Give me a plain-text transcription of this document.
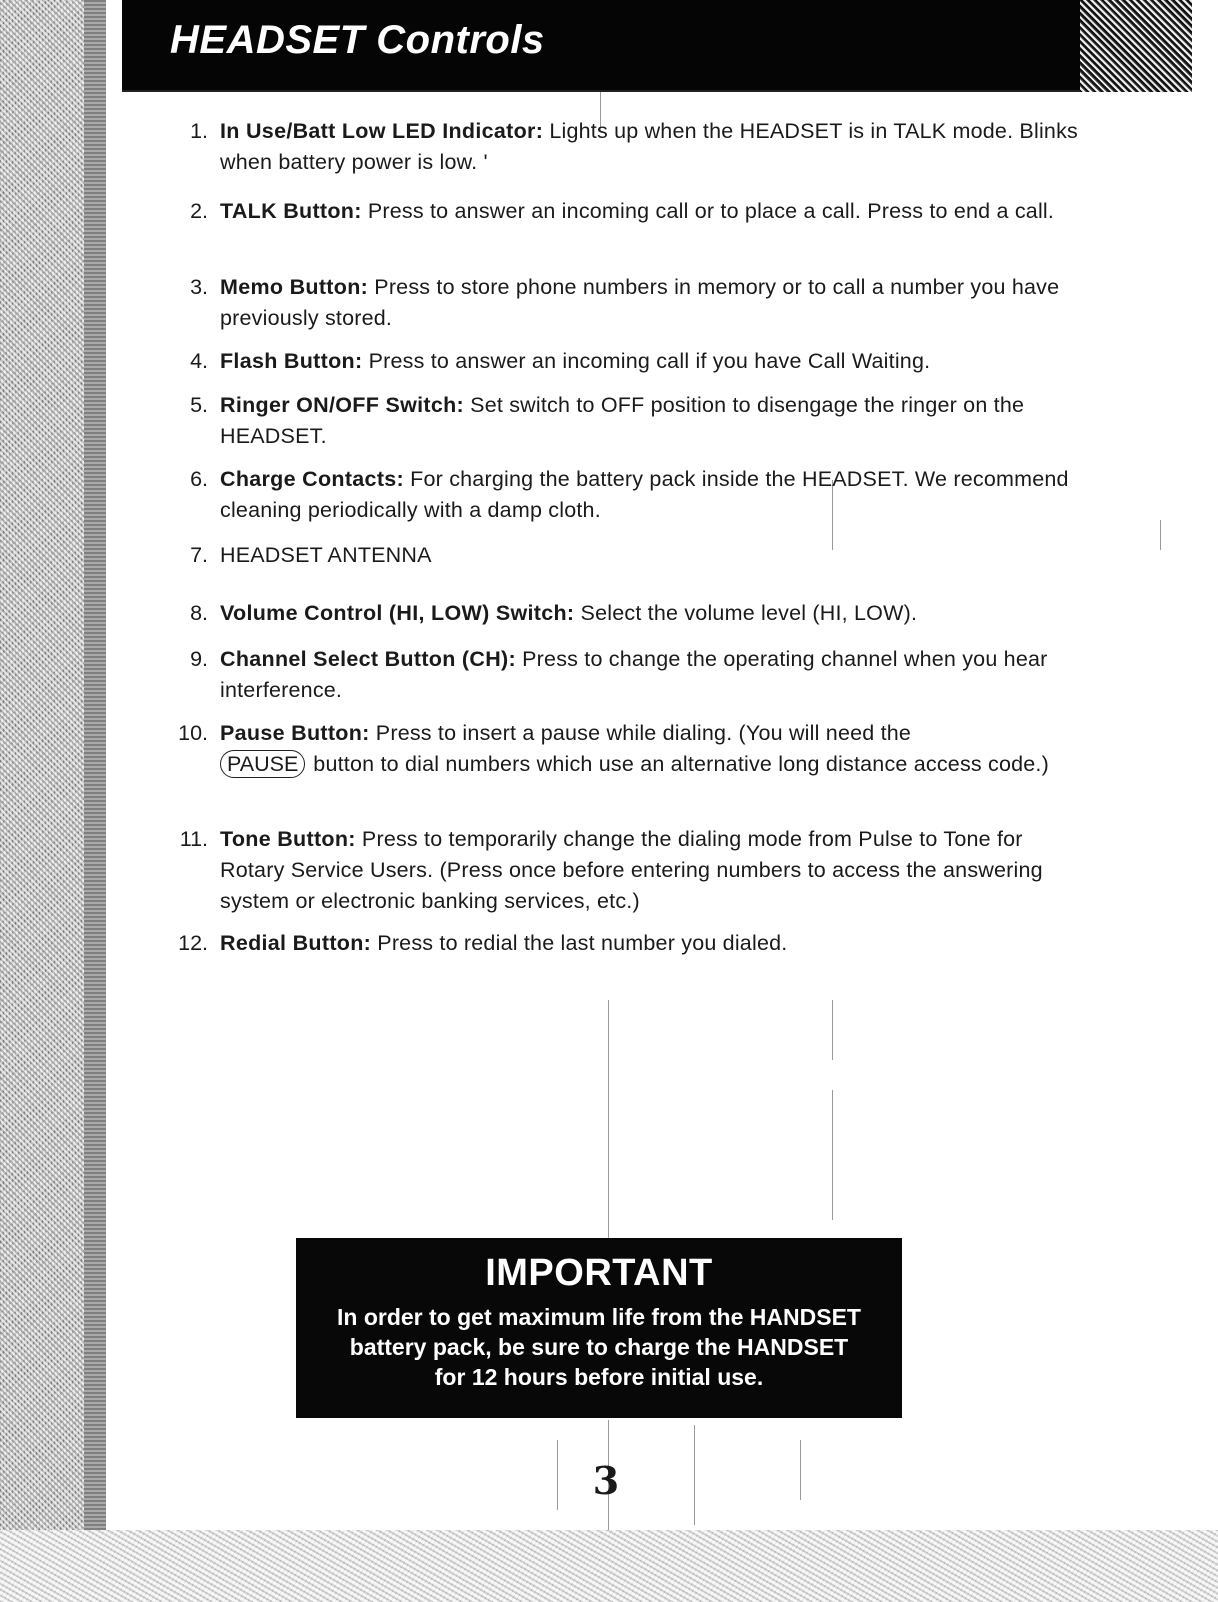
HEADSET Controls
1. In Use/Batt Low LED Indicator: Lights up when the HEADSET is in TALK mode. Blinks when battery power is low. '
2. TALK Button: Press to answer an incoming call or to place a call. Press to end a call.
3. Memo Button: Press to store phone numbers in memory or to call a number you have previously stored.
4. Flash Button: Press to answer an incoming call if you have Call Waiting.
5. Ringer ON/OFF Switch: Set switch to OFF position to disengage the ringer on the HEADSET.
6. Charge Contacts: For charging the battery pack inside the HEADSET. We recommend cleaning periodically with a damp cloth.
7. HEADSET ANTENNA
8. Volume Control (HI, LOW) Switch: Select the volume level (HI, LOW).
9. Channel Select Button (CH): Press to change the operating channel when you hear interference.
10. Pause Button: Press to insert a pause while dialing. (You will need the
PAUSE button to dial numbers which use an alternative long distance access code.)
11. Tone Button: Press to temporarily change the dialing mode from Pulse to Tone for Rotary Service Users. (Press once before entering numbers to access the answering system or electronic banking services, etc.)
12. Redial Button: Press to redial the last number you dialed.
IMPORTANT
In order to get maximum life from the HANDSET
battery pack, be sure to charge the HANDSET
for 12 hours before initial use.
3
